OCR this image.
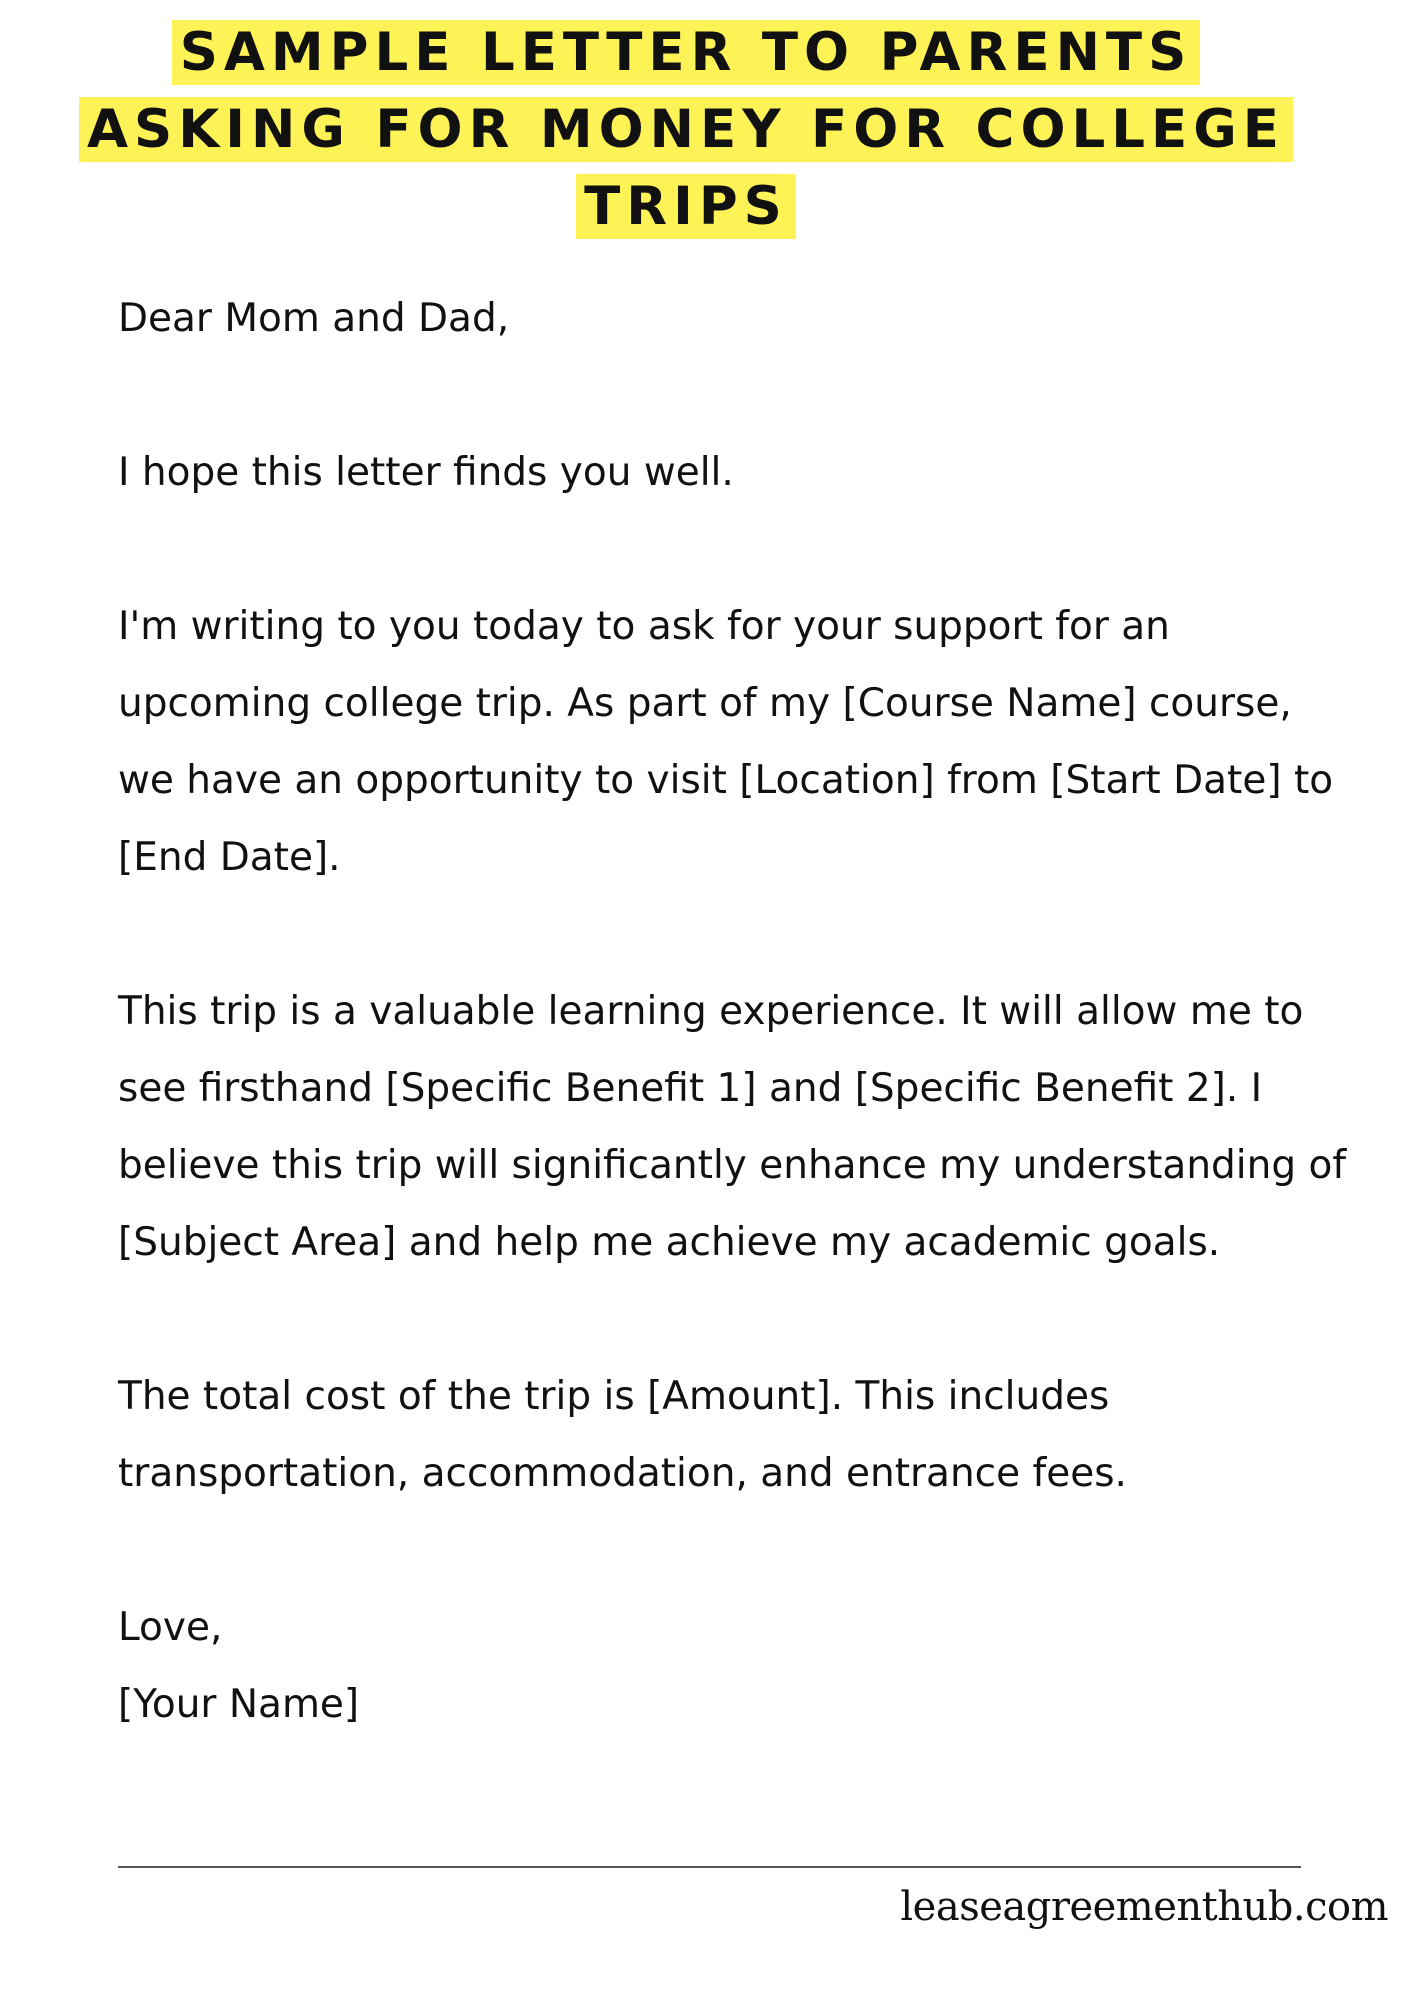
SAMPLE LETTER TO PARENTS ASKING FOR MONEY FOR COLLEGE TRIPS

Dear Mom and Dad,

I hope this letter finds you well.

I'm writing to you today to ask for your support for an upcoming college trip. As part of my [Course Name] course, we have an opportunity to visit [Location] from [Start Date] to [End Date].

This trip is a valuable learning experience. It will allow me to see firsthand [Specific Benefit 1] and [Specific Benefit 2]. I believe this trip will significantly enhance my understanding of [Subject Area] and help me achieve my academic goals.

The total cost of the trip is [Amount]. This includes transportation, accommodation, and entrance fees.

Love,
[Your Name]

leaseagreementhub.com
